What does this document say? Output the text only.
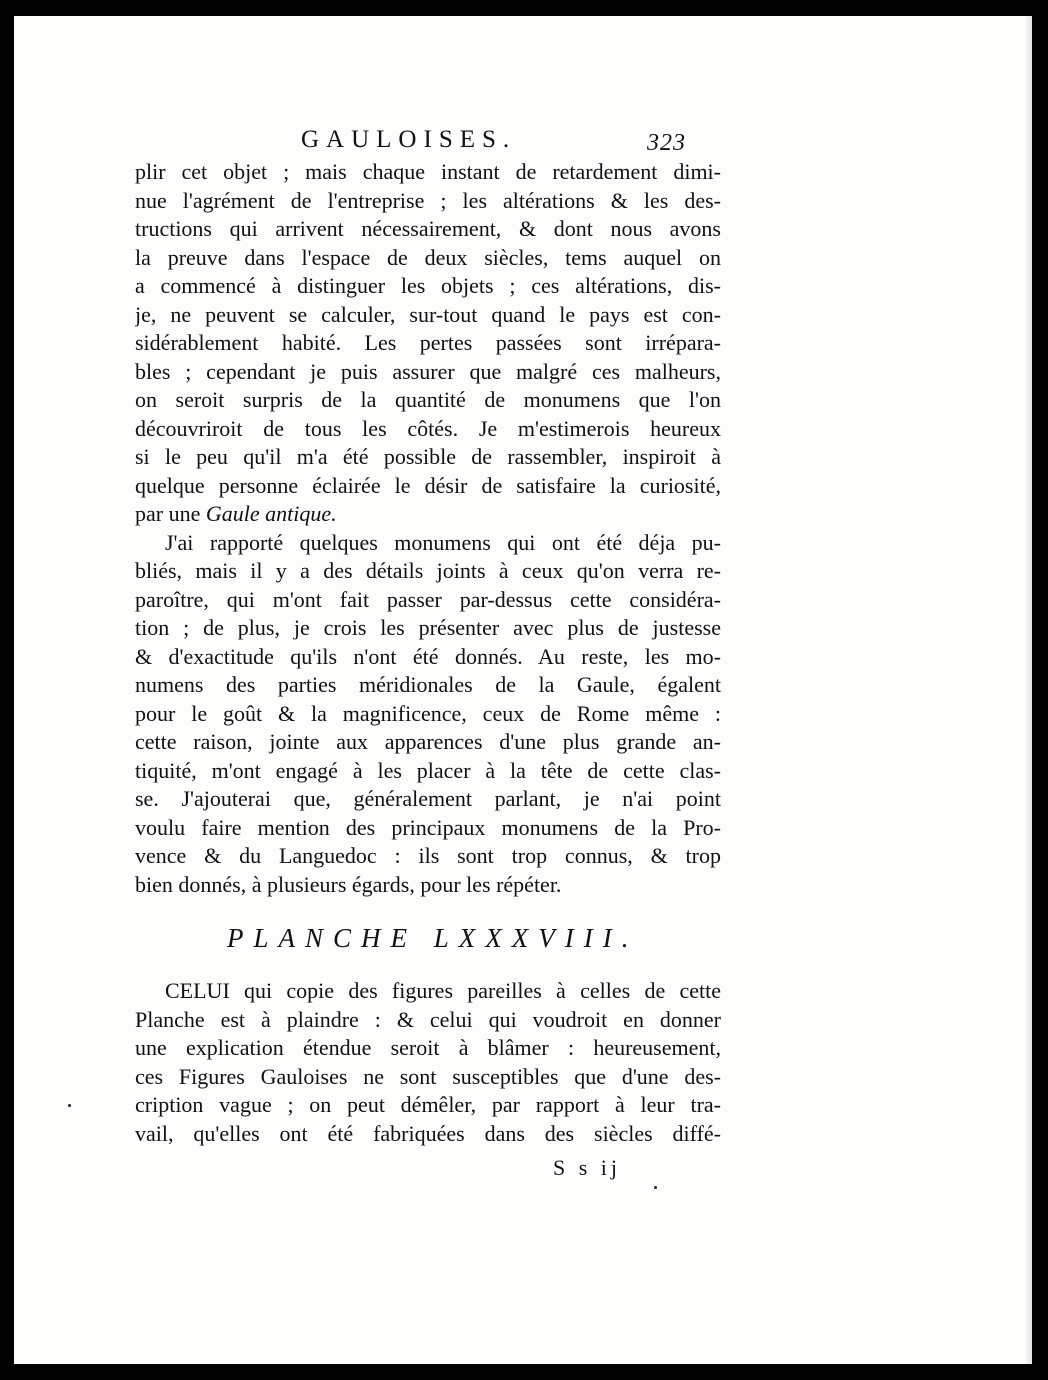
GAULOISES.	323
plir cet objet ; mais chaque instant de retardement dimi-
nue l'agrément de l'entreprise ; les altérations & les des-
tructions qui arrivent nécessairement, & dont nous avons
la preuve dans l'espace de deux siècles, tems auquel on
a commencé à distinguer les objets ; ces altérations, dis-
je, ne peuvent se calculer, sur-tout quand le pays est con-
sidérablement habité. Les pertes passées sont irrépara-
bles ; cependant je puis assurer que malgré ces malheurs,
on seroit surpris de la quantité de monumens que l'on
découvriroit de tous les côtés. Je m'estimerois heureux
si le peu qu'il m'a été possible de rassembler, inspiroit à
quelque personne éclairée le désir de satisfaire la curiosité,
par une Gaule antique.
J'ai rapporté quelques monumens qui ont été déja pu-
bliés, mais il y a des détails joints à ceux qu'on verra re-
paroître, qui m'ont fait passer par-dessus cette considéra-
tion ; de plus, je crois les présenter avec plus de justesse
& d'exactitude qu'ils n'ont été donnés. Au reste, les mo-
numens des parties méridionales de la Gaule, égalent
pour le goût & la magnificence, ceux de Rome même :
cette raison, jointe aux apparences d'une plus grande an-
tiquité, m'ont engagé à les placer à la tête de cette clas-
se. J'ajouterai que, généralement parlant, je n'ai point
voulu faire mention des principaux monumens de la Pro-
vence & du Languedoc : ils sont trop connus, & trop
bien donnés, à plusieurs égards, pour les répéter.
PLANCHE LXXXVIII.
CELUI qui copie des figures pareilles à celles de cette
Planche est à plaindre : & celui qui voudroit en donner
une explication étendue seroit à blâmer : heureusement,
ces Figures Gauloises ne sont susceptibles que d'une des-
cription vague ; on peut démêler, par rapport à leur tra-
vail, qu'elles ont été fabriquées dans des siècles diffé-
S s ij
